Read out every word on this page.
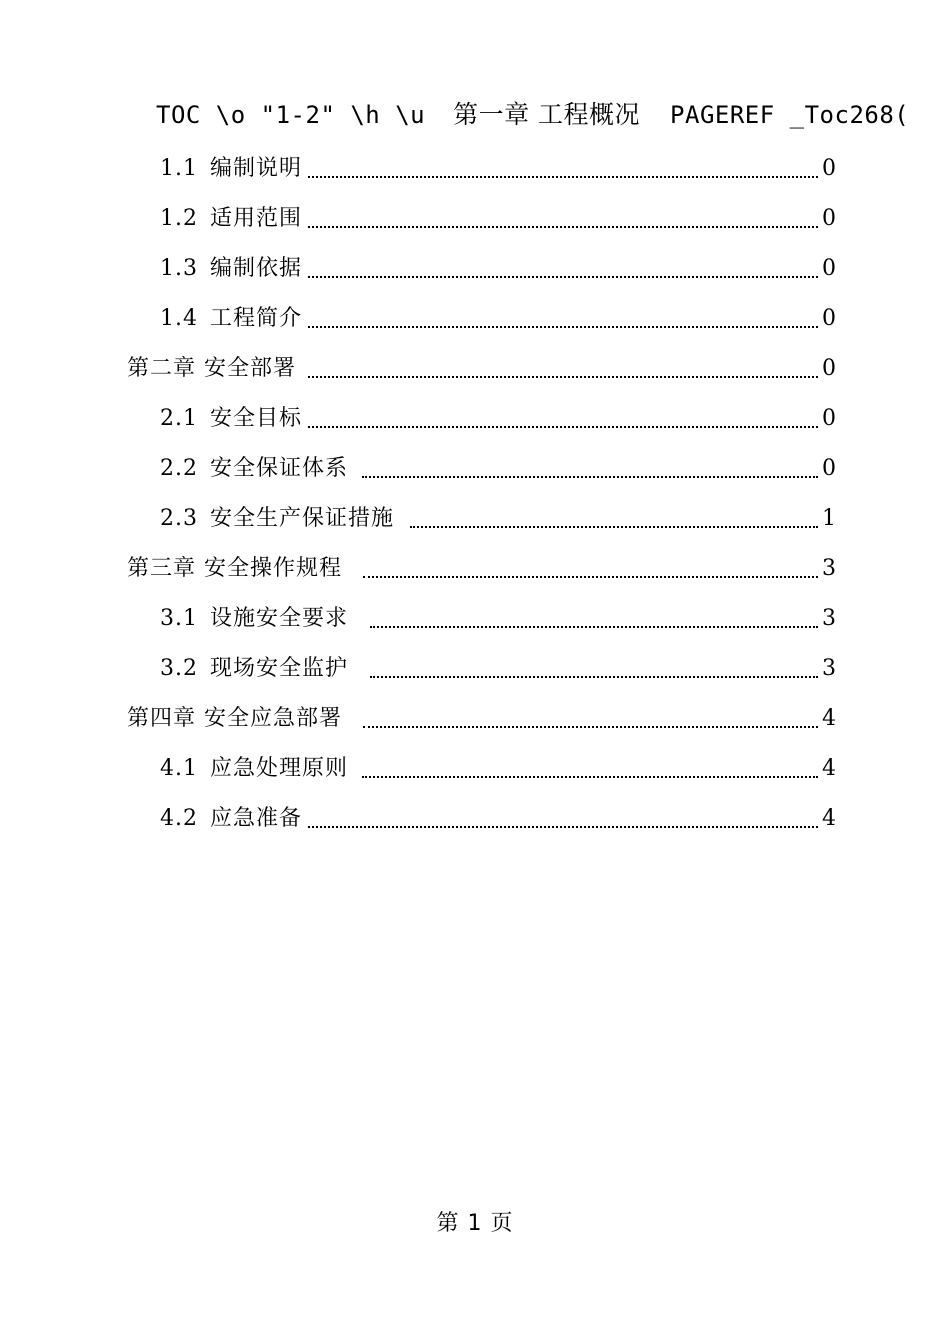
TOC \o "1-2" \h \u 第一章 工程概况 PAGEREF _Toc268(
1.1 编制说明	0
1.2 适用范围	0
1.3 编制依据	0
1.4 工程简介	0
第二章 安全部署	0
2.1 安全目标	0
2.2 安全保证体系	0
2.3 安全生产保证措施	1
第三章 安全操作规程	3
3.1 设施安全要求	3
3.2 现场安全监护	3
第四章 安全应急部署	4
4.1 应急处理原则	4
4.2 应急准备	4
第 1 页
